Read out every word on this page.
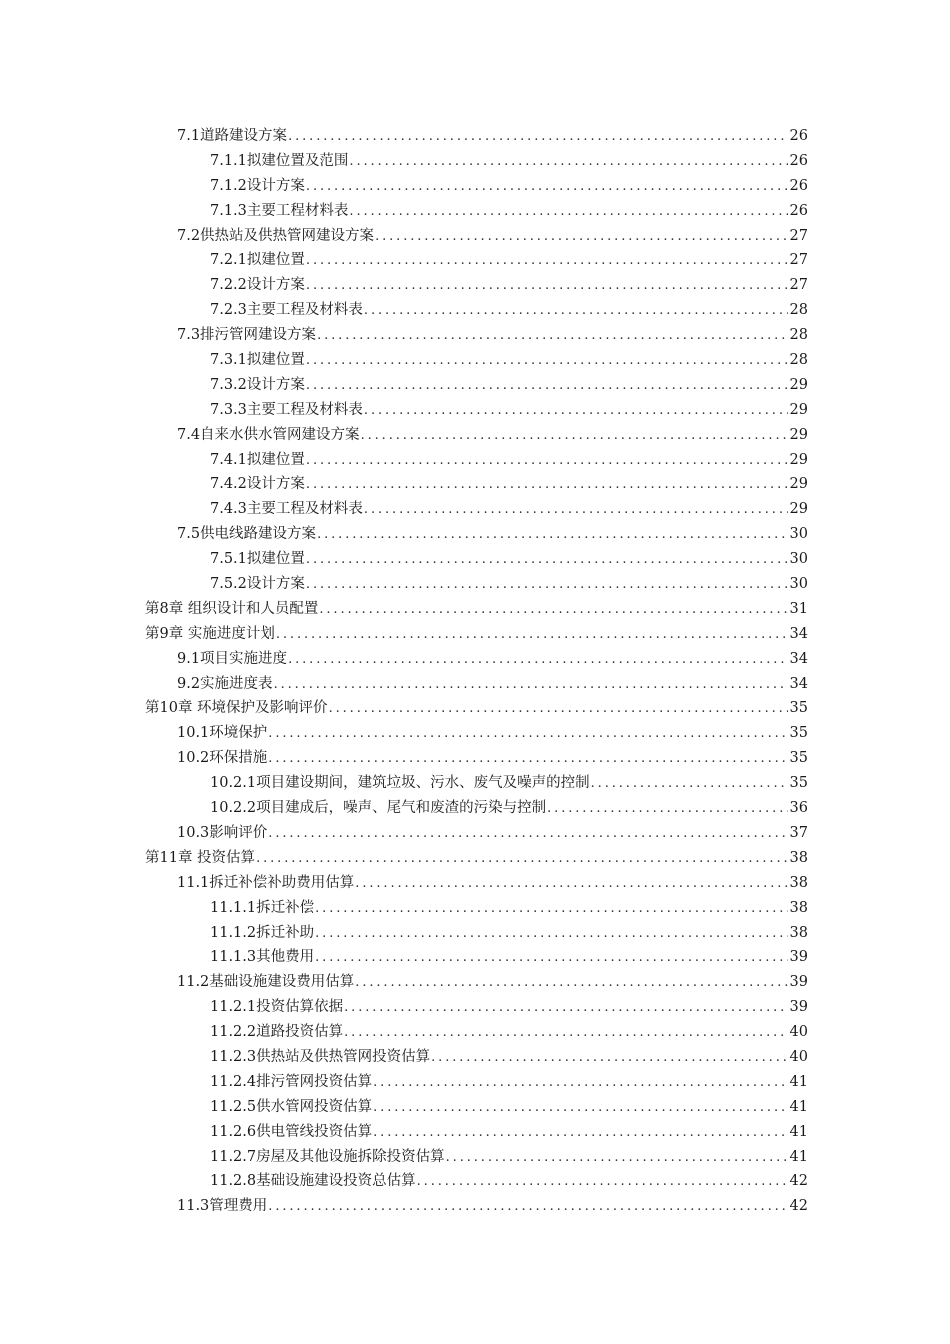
7.1道路建设方案 .....	26
7.1.1拟建位置及范围 .....	26
7.1.2设计方案 .....	26
7.1.3主要工程材料表 .....	26
7.2供热站及供热管网建设方案 .....	27
7.2.1拟建位置 .....	27
7.2.2设计方案 .....	27
7.2.3主要工程及材料表 .....	28
7.3排污管网建设方案 .....	28
7.3.1拟建位置 .....	28
7.3.2设计方案 .....	29
7.3.3主要工程及材料表 .....	29
7.4自来水供水管网建设方案 .....	29
7.4.1拟建位置 .....	29
7.4.2设计方案 .....	29
7.4.3主要工程及材料表 .....	29
7.5供电线路建设方案 .....	30
7.5.1拟建位置 .....	30
7.5.2设计方案 .....	30
第8章 组织设计和人员配置 .....	31
第9章 实施进度计划 .....	34
9.1项目实施进度 .....	34
9.2实施进度表 .....	34
第10章 环境保护及影响评价 .....	35
10.1环境保护 .....	35
10.2环保措施 .....	35
10.2.1项目建设期间，建筑垃圾、污水、废气及噪声的控制 .....	35
10.2.2项目建成后，噪声、尾气和废渣的污染与控制 .....	36
10.3影响评价 .....	37
第11章 投资估算 .....	38
11.1拆迁补偿补助费用估算 .....	38
11.1.1拆迁补偿 .....	38
11.1.2拆迁补助 .....	38
11.1.3其他费用 .....	39
11.2基础设施建设费用估算 .....	39
11.2.1投资估算依据 .....	39
11.2.2道路投资估算 .....	40
11.2.3供热站及供热管网投资估算 .....	40
11.2.4排污管网投资估算 .....	41
11.2.5供水管网投资估算 .....	41
11.2.6供电管线投资估算 .....	41
11.2.7房屋及其他设施拆除投资估算 .....	41
11.2.8基础设施建设投资总估算 .....	42
11.3管理费用 .....	42
